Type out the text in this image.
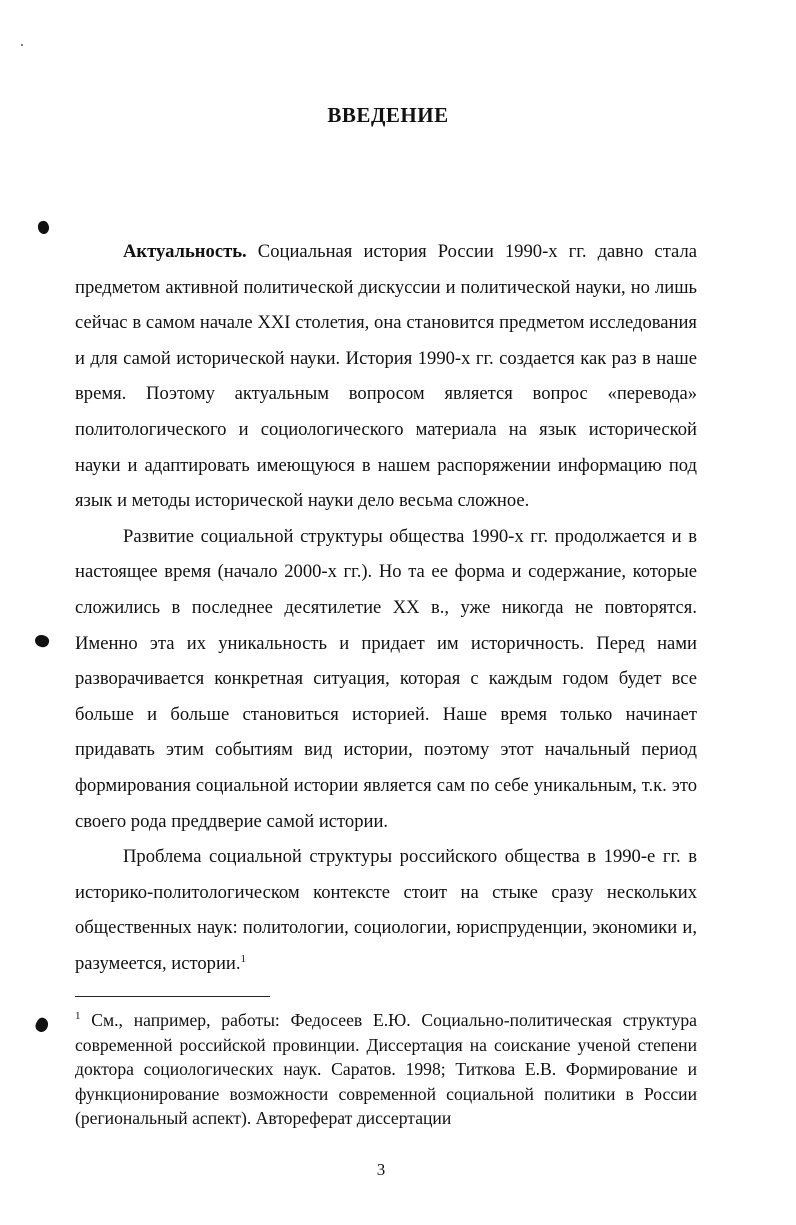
ВВЕДЕНИЕ

Актуальность. Социальная история России 1990-х гг. давно стала предметом активной политической дискуссии и политической науки, но лишь сейчас в самом начале XXI столетия, она становится предметом исследования и для самой исторической науки. История 1990-х гг. создается как раз в наше время. Поэтому актуальным вопросом является вопрос «перевода» политологического и социологического материала на язык исторической науки и адаптировать имеющуюся в нашем распоряжении информацию под язык и методы исторической науки дело весьма сложное.

Развитие социальной структуры общества 1990-х гг. продолжается и в настоящее время (начало 2000-х гг.). Но та ее форма и содержание, которые сложились в последнее десятилетие XX в., уже никогда не повторятся. Именно эта их уникальность и придает им историчность. Перед нами разворачивается конкретная ситуация, которая с каждым годом будет все больше и больше становиться историей. Наше время только начинает придавать этим событиям вид истории, поэтому этот начальный период формирования социальной истории является сам по себе уникальным, т.к. это своего рода преддверие самой истории.

Проблема социальной структуры российского общества в 1990-е гг. в историко-политологическом контексте стоит на стыке сразу нескольких общественных наук: политологии, социологии, юриспруденции, экономики и, разумеется, истории.$^1$

$^1$ См., например, работы: Федосеев Е.Ю. Социально-политическая структура современной российской провинции. Диссертация на соискание ученой степени доктора социологических наук. Саратов. 1998; Титкова Е.В. Формирование и функционирование возможности современной социальной политики в России (региональный аспект). Автореферат диссертации
3
